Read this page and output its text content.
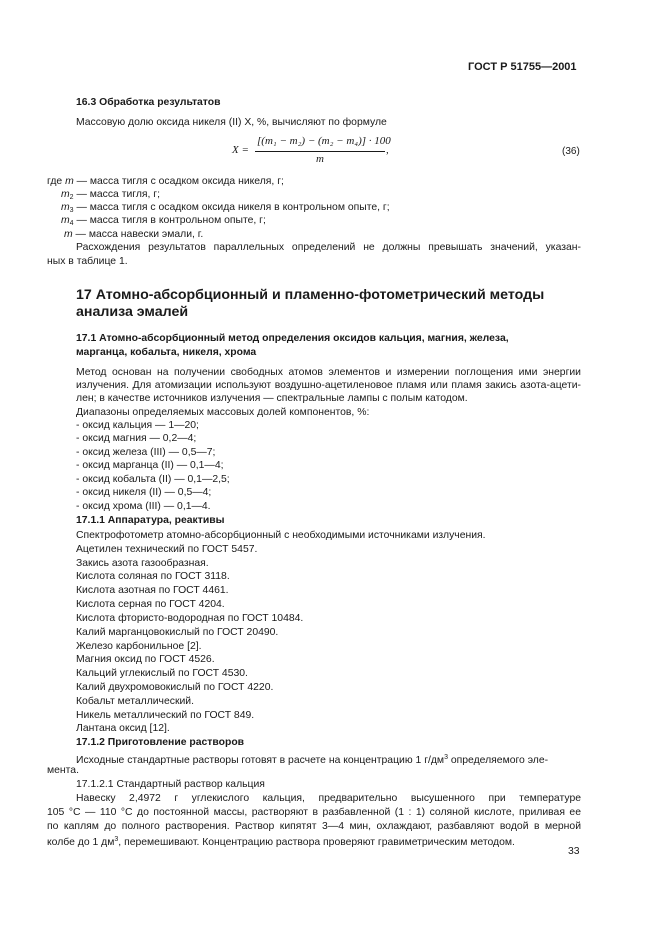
ГОСТ Р 51755—2001
16.3 Обработка результатов
Массовую долю оксида никеля (II) X, %, вычисляют по формуле
X =
[(m₁ − m₂) − (m₂ − m₄)] · 100
m
,	(36)
где m — масса тигля с осадком оксида никеля, г;
$m_2$ — масса тигля, г;
$m_3$ — масса тигля с осадком оксида никеля в контрольном опыте, г;
$m_4$ — масса тигля в контрольном опыте, г;
m — масса навески эмали, г.
Расхождения результатов параллельных определений не должны превышать значений, указан-
ных в таблице 1.
17 Атомно-абсорбционный и пламенно-фотометрический методы
анализа эмалей
17.1 Атомно-абсорбционный метод определения оксидов кальция, магния, железа,
марганца, кобальта, никеля, хрома
Метод основан на получении свободных атомов элементов и измерении поглощения ими энергии
излучения. Для атомизации используют воздушно-ацетиленовое пламя или пламя закись азота-ацети-
лен; в качестве источников излучения — спектральные лампы с полым катодом.
Диапазоны определяемых массовых долей компонентов, %:
- оксид кальция — 1—20;
- оксид магния — 0,2—4;
- оксид железа (III) — 0,5—7;
- оксид марганца (II) — 0,1—4;
- оксид кобальта (II) — 0,1—2,5;
- оксид никеля (II) — 0,5—4;
- оксид хрома (III) — 0,1—4.
17.1.1 Аппаратура, реактивы
Спектрофотометр атомно-абсорбционный с необходимыми источниками излучения.
Ацетилен технический по ГОСТ 5457.
Закись азота газообразная.
Кислота соляная по ГОСТ 3118.
Кислота азотная по ГОСТ 4461.
Кислота серная по ГОСТ 4204.
Кислота фтористо-водородная по ГОСТ 10484.
Калий марганцовокислый по ГОСТ 20490.
Железо карбонильное [2].
Магния оксид по ГОСТ 4526.
Кальций углекислый по ГОСТ 4530.
Калий двухромовокислый по ГОСТ 4220.
Кобальт металлический.
Никель металлический по ГОСТ 849.
Лантана оксид [12].
17.1.2 Приготовление растворов
Исходные стандартные растворы готовят в расчете на концентрацию 1 $г/дм^3$ определяемого эле-
мента.
17.1.2.1 Стандартный раствор кальция
Навеску 2,4972 г углекислого кальция, предварительно высушенного при температуре
105 °С — 110 °С до постоянной массы, растворяют в разбавленной (1 : 1) соляной кислоте, приливая ее
по каплям до полного растворения. Раствор кипятят 3—4 мин, охлаждают, разбавляют водой в мерной
колбе до 1 $дм^3$, перемешивают. Концентрацию раствора проверяют гравиметрическим методом.
33
